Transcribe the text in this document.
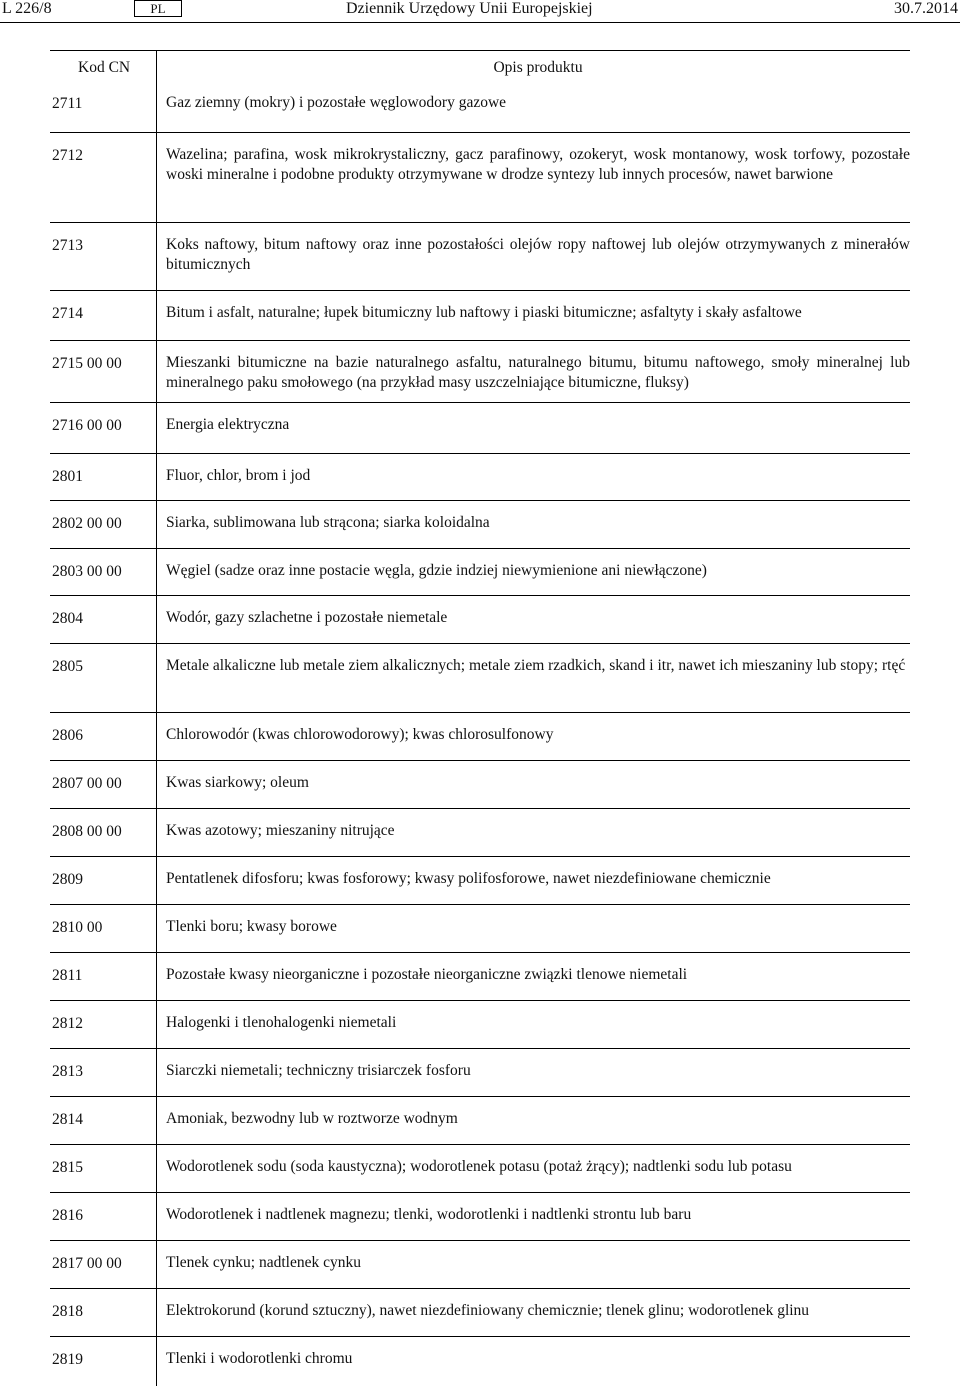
L 226/8	PL	Dziennik Urzędowy Unii Europejskiej	30.7.2014
Kod CN	Opis produktu
2711	Gaz ziemny (mokry) i pozostałe węglowodory gazowe
2712	Wazelina; parafina, wosk mikrokrystaliczny, gacz parafinowy, ozokeryt, wosk montanowy, wosk torfowy, pozostałe woski mineralne i podobne produkty otrzymywane w drodze syntezy lub innych procesów, nawet barwione
2713	Koks naftowy, bitum naftowy oraz inne pozostałości olejów ropy naftowej lub olejów otrzymywanych z minerałów bitumicznych
2714	Bitum i asfalt, naturalne; łupek bitumiczny lub naftowy i piaski bitumiczne; asfaltyty i skały asfaltowe
2715 00 00	Mieszanki bitumiczne na bazie naturalnego asfaltu, naturalnego bitumu, bitumu naftowego, smoły mineralnej lub mineralnego paku smołowego (na przykład masy uszczelniające bitumiczne, fluksy)
2716 00 00	Energia elektryczna
2801	Fluor, chlor, brom i jod
2802 00 00	Siarka, sublimowana lub strącona; siarka koloidalna
2803 00 00	Węgiel (sadze oraz inne postacie węgla, gdzie indziej niewymienione ani niewłączone)
2804	Wodór, gazy szlachetne i pozostałe niemetale
2805	Metale alkaliczne lub metale ziem alkalicznych; metale ziem rzadkich, skand i itr, nawet ich mieszaniny lub stopy; rtęć
2806	Chlorowodór (kwas chlorowodorowy); kwas chlorosulfonowy
2807 00 00	Kwas siarkowy; oleum
2808 00 00	Kwas azotowy; mieszaniny nitrujące
2809	Pentatlenek difosforu; kwas fosforowy; kwasy polifosforowe, nawet niezdefiniowane chemicznie
2810 00	Tlenki boru; kwasy borowe
2811	Pozostałe kwasy nieorganiczne i pozostałe nieorganiczne związki tlenowe niemetali
2812	Halogenki i tlenohalogenki niemetali
2813	Siarczki niemetali; techniczny trisiarczek fosforu
2814	Amoniak, bezwodny lub w roztworze wodnym
2815	Wodorotlenek sodu (soda kaustyczna); wodorotlenek potasu (potaż żrący); nadtlenki sodu lub potasu
2816	Wodorotlenek i nadtlenek magnezu; tlenki, wodorotlenki i nadtlenki strontu lub baru
2817 00 00	Tlenek cynku; nadtlenek cynku
2818	Elektrokorund (korund sztuczny), nawet niezdefiniowany chemicznie; tlenek glinu; wodorotlenek glinu
2819	Tlenki i wodorotlenki chromu
